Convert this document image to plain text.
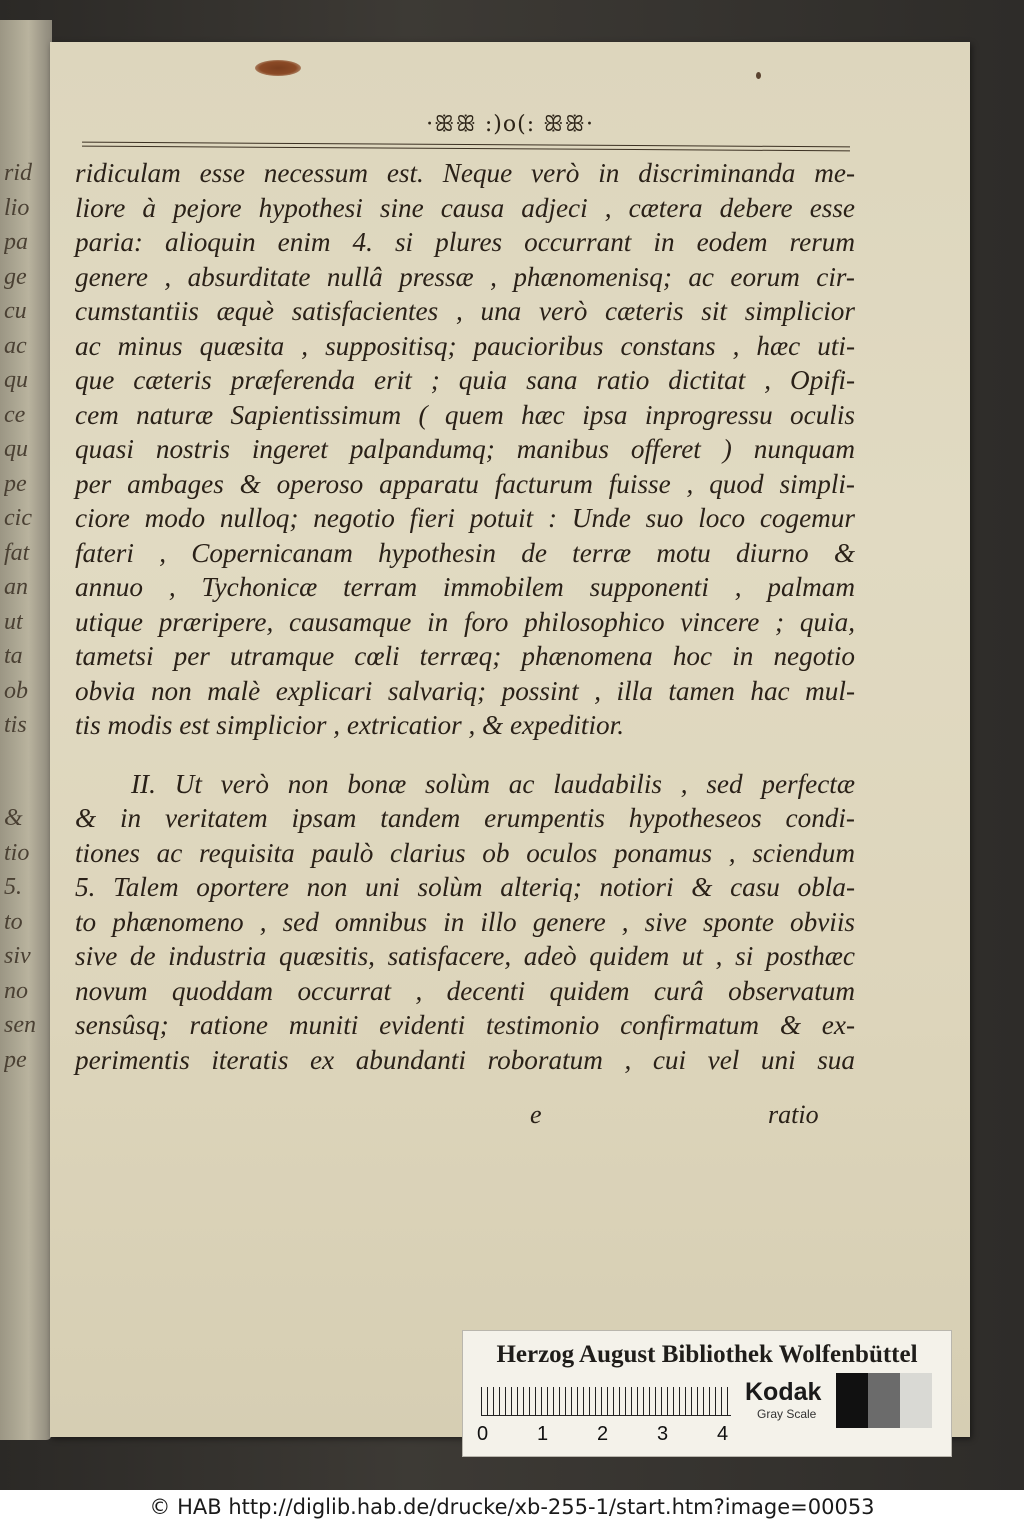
rid
lio
pa
ge
cu
ac
qu
ce
qu
pe
cic
fat
an
ut
ta
ob
tis
&
tio
5.
to
siv
no
sen
pe
·ꕥꕥ :)o(: ꕥꕥ·
ridiculam esse necessum est. Neque verò in discriminanda me-
liore à pejore hypothesi sine causa adjeci , cætera debere esse
paria: alioquin enim 4. si plures occurrant in eodem rerum
genere , absurditate nullâ pressæ , phænomenisq; ac eorum cir-
cumstantiis æquè satisfacientes , una verò cæteris sit simplicior
ac minus quæsita , suppositisq; paucioribus constans , hæc uti-
que cæteris præferenda erit ; quia sana ratio dictitat , Opifi-
cem naturæ Sapientissimum ( quem hæc ipsa inprogressu oculis
quasi nostris ingeret palpandumq; manibus offeret ) nunquam
per ambages & operoso apparatu facturum fuisse , quod simpli-
ciore modo nulloq; negotio fieri potuit : Unde suo loco cogemur
fateri , Copernicanam hypothesin de terræ motu diurno &
annuo , Tychonicæ terram immobilem supponenti , palmam
utique præripere, causamque in foro philosophico vincere ; quia,
tametsi per utramque cœli terræq; phænomena hoc in negotio
obvia non malè explicari salvariq; possint , illa tamen hac mul-
tis modis est simplicior , extricatior , & expeditior.
II. Ut verò non bonæ solùm ac laudabilis , sed perfectæ
& in veritatem ipsam tandem erumpentis hypotheseos condi-
tiones ac requisita paulò clarius ob oculos ponamus , sciendum
5. Talem oportere non uni solùm alteriq; notiori & casu obla-
to phænomeno , sed omnibus in illo genere , sive sponte obviis
sive de industria quæsitis, satisfacere, adeò quidem ut , si posthæc
novum quoddam occurrat , decenti quidem curâ observatum
sensûsq; ratione muniti evidenti testimonio confirmatum & ex-
perimentis iteratis ex abundanti roboratum , cui vel uni sua
e	ratio
Herzog August Bibliothek Wolfenbüttel
0 1 2 3 4
Kodak
Gray Scale
© HAB http://diglib.hab.de/drucke/xb-255-1/start.htm?image=00053
